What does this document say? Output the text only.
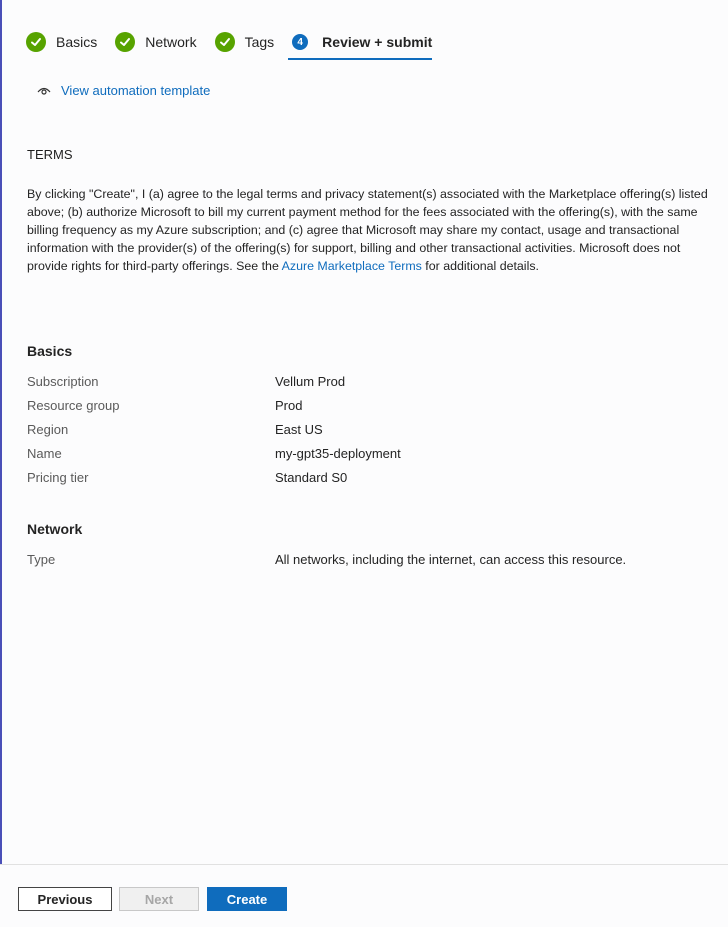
Basics	Network	Tags	4	Review + submit
View automation template
TERMS
By clicking "Create", I (a) agree to the legal terms and privacy statement(s) associated with the Marketplace offering(s) listed above; (b) authorize Microsoft to bill my current payment method for the fees associated with the offering(s), with the same billing frequency as my Azure subscription; and (c) agree that Microsoft may share my contact, usage and transactional information with the provider(s) of the offering(s) for support, billing and other transactional activities. Microsoft does not provide rights for third-party offerings. See the Azure Marketplace Terms for additional details.
Basics
Subscription	Vellum Prod
Resource group	Prod
Region	East US
Name	my-gpt35-deployment
Pricing tier	Standard S0
Network
Type	All networks, including the internet, can access this resource.
Previous	Next	Create
